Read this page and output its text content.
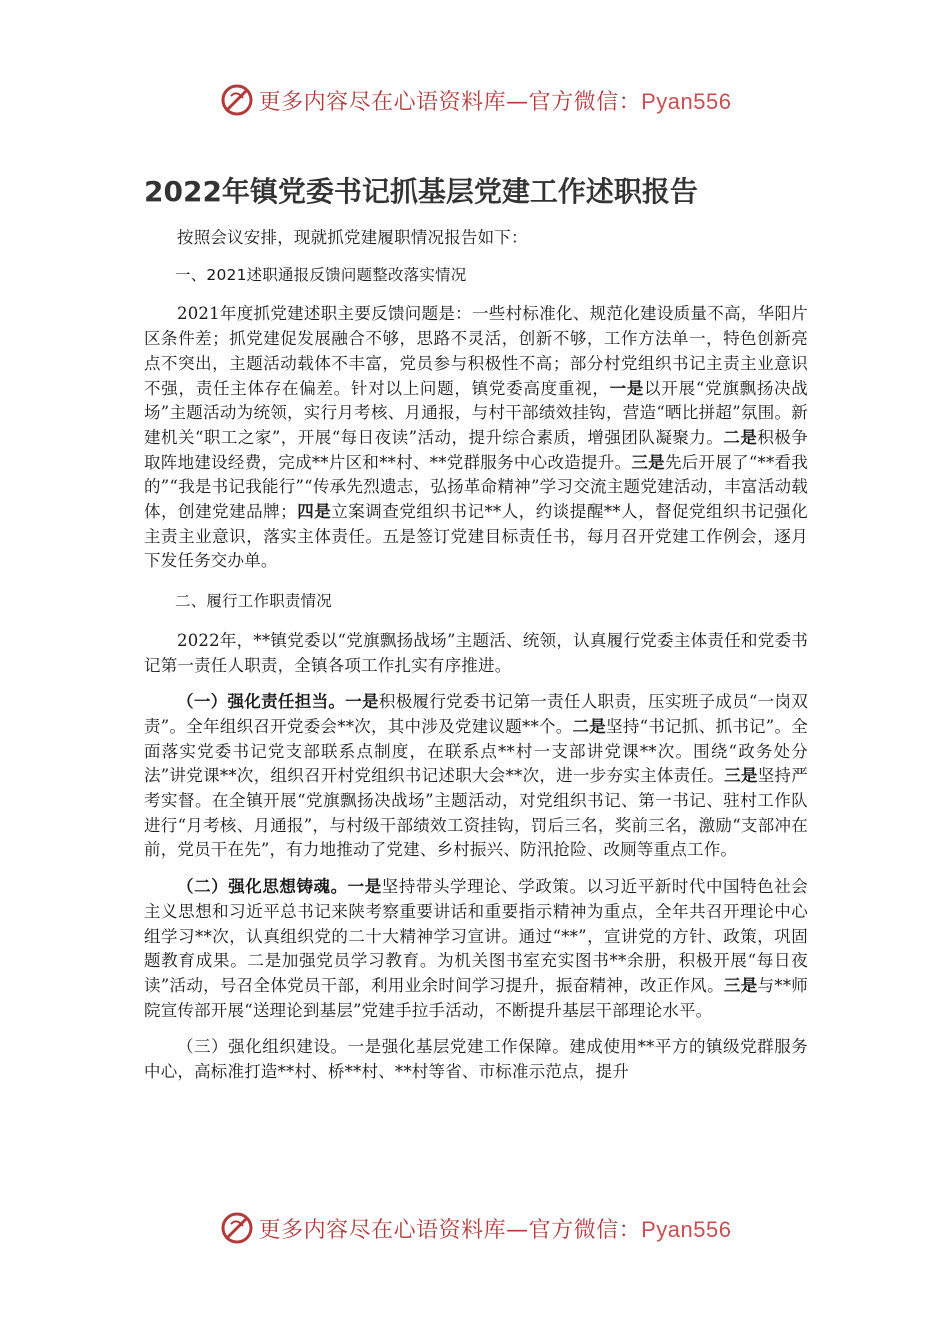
更多内容尽在心语资料库—官方微信：Pyan556
2022年镇党委书记抓基层党建工作述职报告

按照会议安排，现就抓党建履职情况报告如下：

一、2021述职通报反馈问题整改落实情况

2021年度抓党建述职主要反馈问题是：一些村标准化、规范化建设质量不高，华阳片区条件差；抓党建促发展融合不够，思路不灵活，创新不够，工作方法单一，特色创新亮点不突出，主题活动载体不丰富，党员参与积极性不高；部分村党组织书记主责主业意识不强，责任主体存在偏差。针对以上问题，镇党委高度重视，一是以开展“党旗飘扬决战场”主题活动为统领，实行月考核、月通报，与村干部绩效挂钩，营造“晒比拼超”氛围。新建机关“职工之家”，开展“每日夜读”活动，提升综合素质，增强团队凝聚力。二是积极争取阵地建设经费，完成**片区和**村、**党群服务中心改造提升。三是先后开展了“**看我的”“我是书记我能行”“传承先烈遗志，弘扬革命精神”学习交流主题党建活动，丰富活动载体，创建党建品牌；四是立案调查党组织书记**人，约谈提醒**人，督促党组织书记强化主责主业意识，落实主体责任。五是签订党建目标责任书，每月召开党建工作例会，逐月下发任务交办单。

二、履行工作职责情况

2022年，**镇党委以“党旗飘扬战场”主题活、统领，认真履行党委主体责任和党委书记第一责任人职责，全镇各项工作扎实有序推进。

（一）强化责任担当。一是积极履行党委书记第一责任人职责，压实班子成员“一岗双责”。全年组织召开党委会**次，其中涉及党建议题**个。二是坚持“书记抓、抓书记”。全面落实党委书记党支部联系点制度，在联系点**村一支部讲党课**次。围绕“政务处分法”讲党课**次，组织召开村党组织书记述职大会**次，进一步夯实主体责任。三是坚持严考实督。在全镇开展“党旗飘扬决战场”主题活动，对党组织书记、第一书记、驻村工作队进行“月考核、月通报”，与村级干部绩效工资挂钩，罚后三名，奖前三名，激励“支部冲在前，党员干在先”，有力地推动了党建、乡村振兴、防汛抢险、改厕等重点工作。

（二）强化思想铸魂。一是坚持带头学理论、学政策。以习近平新时代中国特色社会主义思想和习近平总书记来陕考察重要讲话和重要指示精神为重点，全年共召开理论中心组学习**次，认真组织党的二十大精神学习宣讲。通过“**”，宣讲党的方针、政策，巩固题教育成果。二是加强党员学习教育。为机关图书室充实图书**余册，积极开展“每日夜读”活动，号召全体党员干部，利用业余时间学习提升，振奋精神，改正作风。三是与**师院宣传部开展“送理论到基层”党建手拉手活动，不断提升基层干部理论水平。

（三）强化组织建设。一是强化基层党建工作保障。建成使用**平方的镇级党群服务中心，高标准打造**村、桥**村、**村等省、市标准示范点，提升

更多内容尽在心语资料库—官方微信：Pyan556
